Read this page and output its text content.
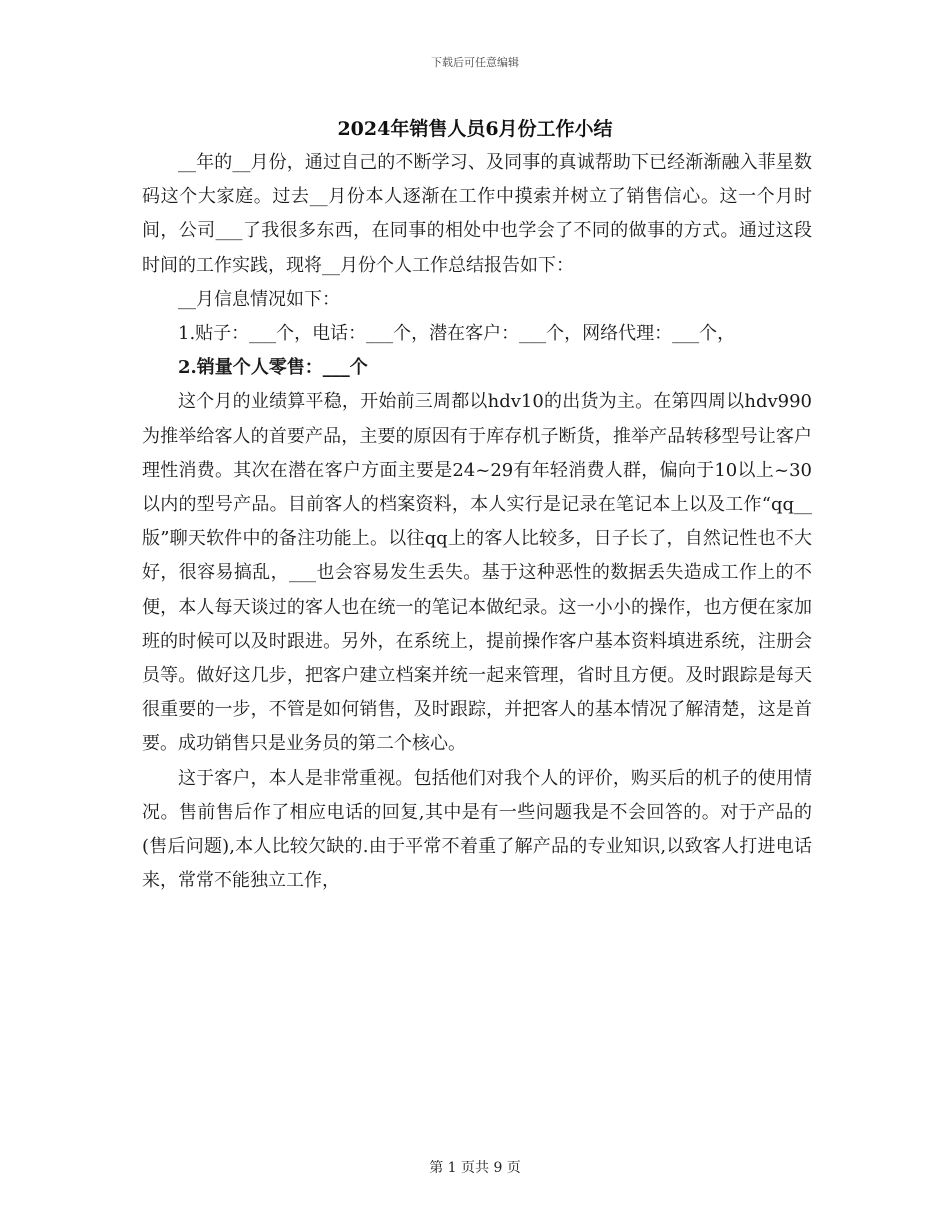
下载后可任意编辑
2024年销售人员6月份工作小结

__年的__月份，通过自己的不断学习、及同事的真诚帮助下已经渐渐融入菲星数码这个大家庭。过去__月份本人逐渐在工作中摸索并树立了销售信心。这一个月时间，公司___了我很多东西，在同事的相处中也学会了不同的做事的方式。通过这段时间的工作实践，现将__月份个人工作总结报告如下：

__月信息情况如下：

1.贴子：___个，电话：___个，潜在客户：___个，网络代理：___个，

2.销量个人零售：___个

这个月的业绩算平稳，开始前三周都以hdv10的出货为主。在第四周以hdv990为推举给客人的首要产品，主要的原因有于库存机子断货，推举产品转移型号让客户理性消费。其次在潜在客户方面主要是24~29有年轻消费人群，偏向于10以上~30以内的型号产品。目前客人的档案资料，本人实行是记录在笔记本上以及工作“qq__版”聊天软件中的备注功能上。以往qq上的客人比较多，日子长了，自然记性也不大好，很容易搞乱，___也会容易发生丢失。基于这种恶性的数据丢失造成工作上的不便，本人每天谈过的客人也在统一的笔记本做纪录。这一小小的操作，也方便在家加班的时候可以及时跟进。另外，在系统上，提前操作客户基本资料填进系统，注册会员等。做好这几步，把客户建立档案并统一起来管理，省时且方便。及时跟踪是每天很重要的一步，不管是如何销售，及时跟踪，并把客人的基本情况了解清楚，这是首要。成功销售只是业务员的第二个核心。

这于客户，本人是非常重视。包括他们对我个人的评价，购买后的机子的使用情况。售前售后作了相应电话的回复,其中是有一些问题我是不会回答的。对于产品的(售后问题),本人比较欠缺的.由于平常不着重了解产品的专业知识,以致客人打进电话来，常常不能独立工作，

第 1 页共 9 页
